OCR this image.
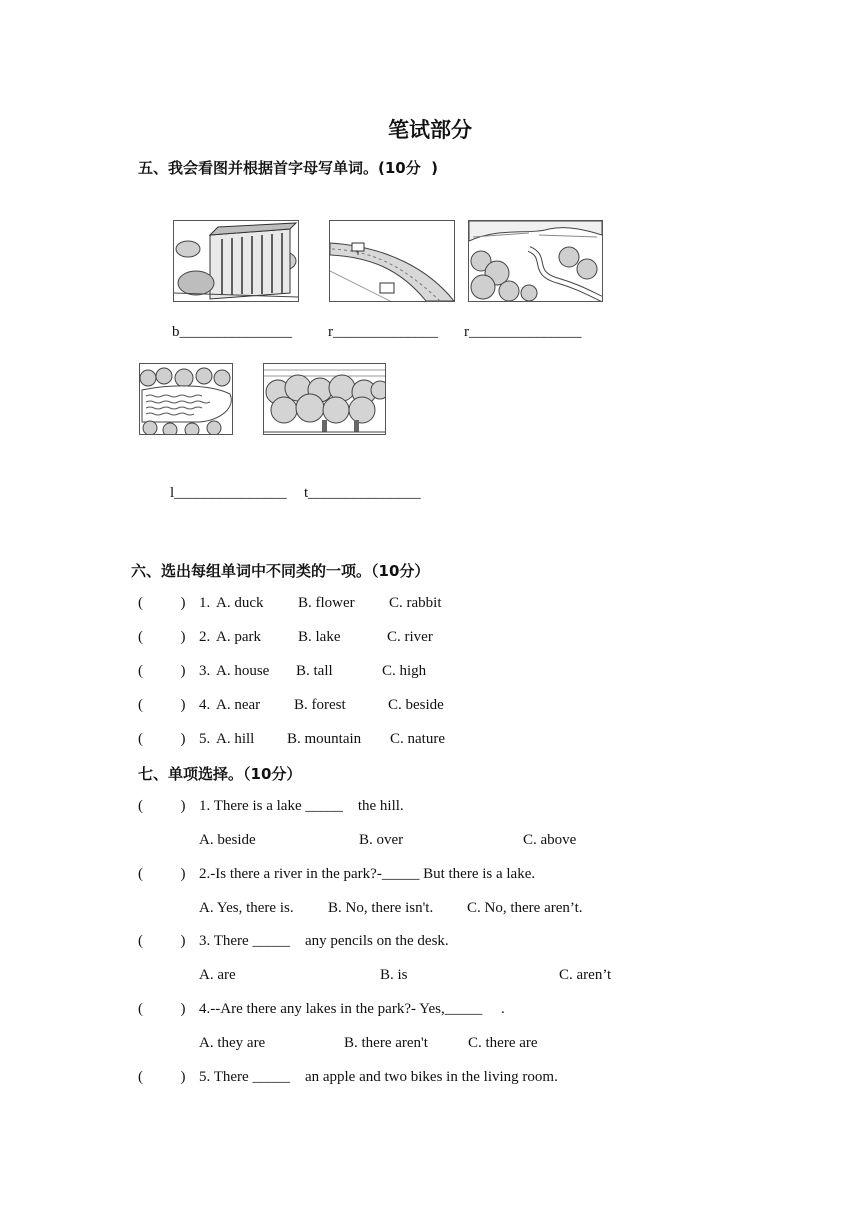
笔试部分
五、我会看图并根据首字母写单词。(10分  )
b_______________ r______________ r_______________
l_______________ t_______________
六、选出每组单词中不同类的一项。（10分）
(          ) 1. A. duck B. flower C. rabbit
(          ) 2. A. park B. lake	C. river
(          ) 3. A. house B. tall	C. high
(          ) 4. A. near B. forest	C. beside
(          ) 5. A. hill B. mountain C. nature
七、单项选择。（10分）
(          ) 1. There is a lake _____    the hill.
A. beside	B. over	C. above
(          ) 2.-Is there a river in the park?-_____ But there is a lake.
A. Yes, there is. B. No, there isn't. C. No, there aren’t.
(          ) 3. There _____    any pencils on the desk.
A. are	B. is	C. aren’t
(          ) 4.--Are there any lakes in the park?- Yes,_____     .
A. they are	B. there aren't	C. there are
(          ) 5. There _____    an apple and two bikes in the living room.
